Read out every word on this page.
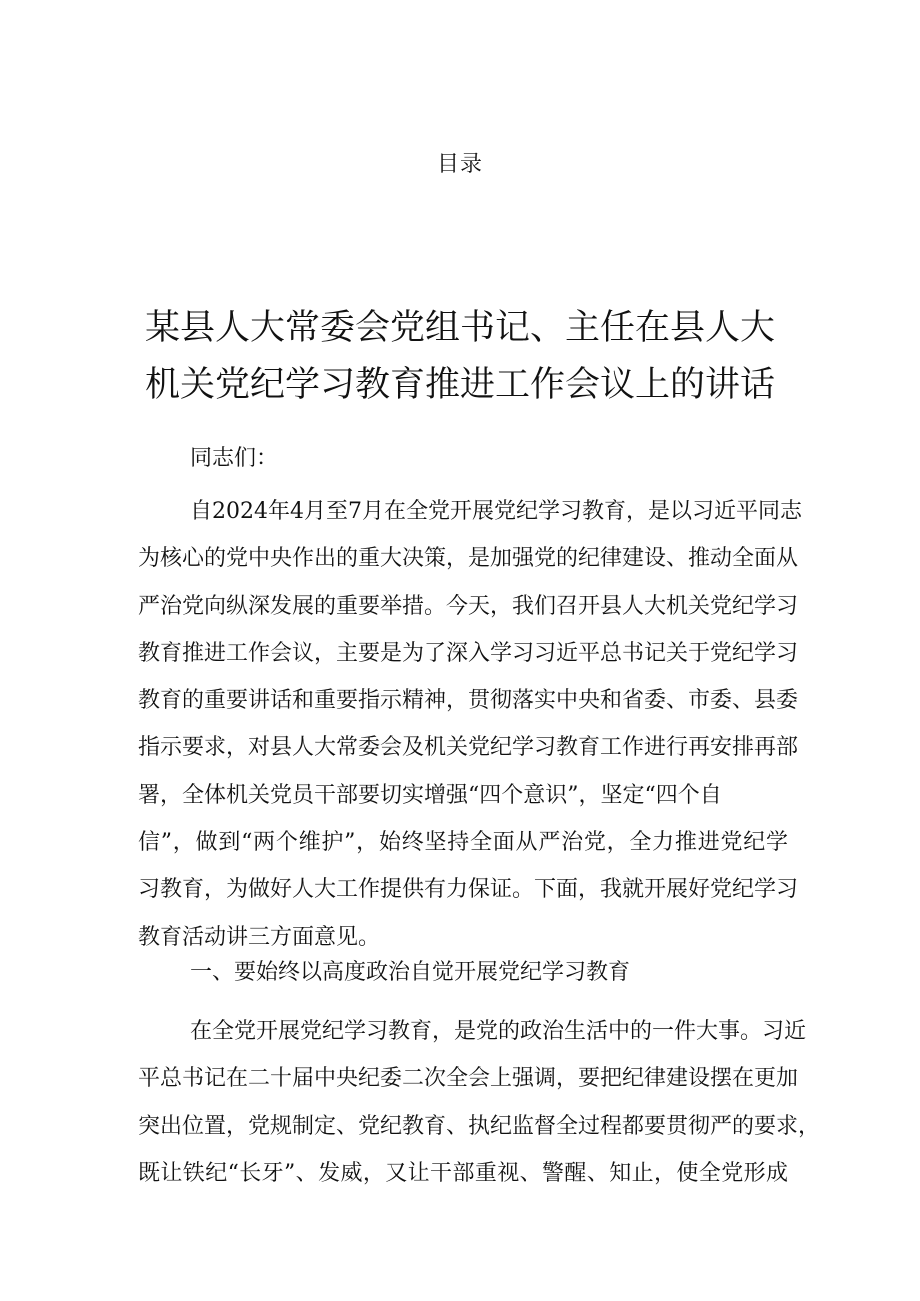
目录
某县人大常委会党组书记、主任在县人大
机关党纪学习教育推进工作会议上的讲话
同志们：
自2024年4月至7月在全党开展党纪学习教育，是以习近平同志
为核心的党中央作出的重大决策，是加强党的纪律建设、推动全面从
严治党向纵深发展的重要举措。今天，我们召开县人大机关党纪学习
教育推进工作会议，主要是为了深入学习习近平总书记关于党纪学习
教育的重要讲话和重要指示精神，贯彻落实中央和省委、市委、县委
指示要求，对县人大常委会及机关党纪学习教育工作进行再安排再部
署，全体机关党员干部要切实增强“四个意识”，坚定“四个自
信”，做到“两个维护”，始终坚持全面从严治党，全力推进党纪学
习教育，为做好人大工作提供有力保证。下面，我就开展好党纪学习
教育活动讲三方面意见。
一、要始终以高度政治自觉开展党纪学习教育
在全党开展党纪学习教育，是党的政治生活中的一件大事。习近
平总书记在二十届中央纪委二次全会上强调，要把纪律建设摆在更加
突出位置，党规制定、党纪教育、执纪监督全过程都要贯彻严的要求，
既让铁纪“长牙”、发威，又让干部重视、警醒、知止，使全党形成
